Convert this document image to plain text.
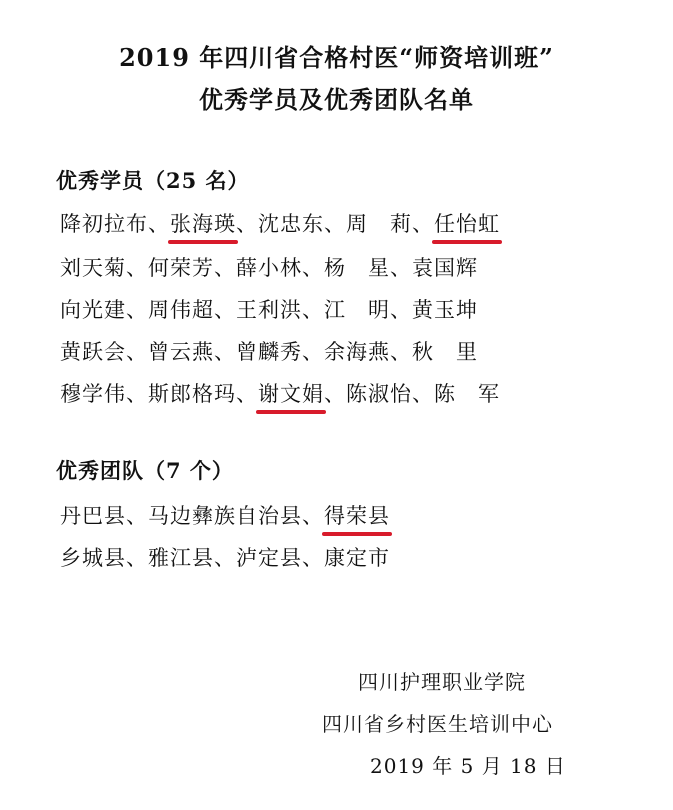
2019 年四川省合格村医“师资培训班”
优秀学员及优秀团队名单
优秀学员（25 名）
降初拉布、张海瑛、沈忠东、周　莉、任怡虹
刘天菊、何荣芳、薛小林、杨　星、袁国辉
向光建、周伟超、王利洪、江　明、黄玉坤
黄跃会、曾云燕、曾麟秀、余海燕、秋　里
穆学伟、斯郎格玛、谢文娟、陈淑怡、陈　军
优秀团队（7 个）
丹巴县、马边彝族自治县、得荣县
乡城县、雅江县、泸定县、康定市
四川护理职业学院
四川省乡村医生培训中心
2019 年 5 月 18 日
